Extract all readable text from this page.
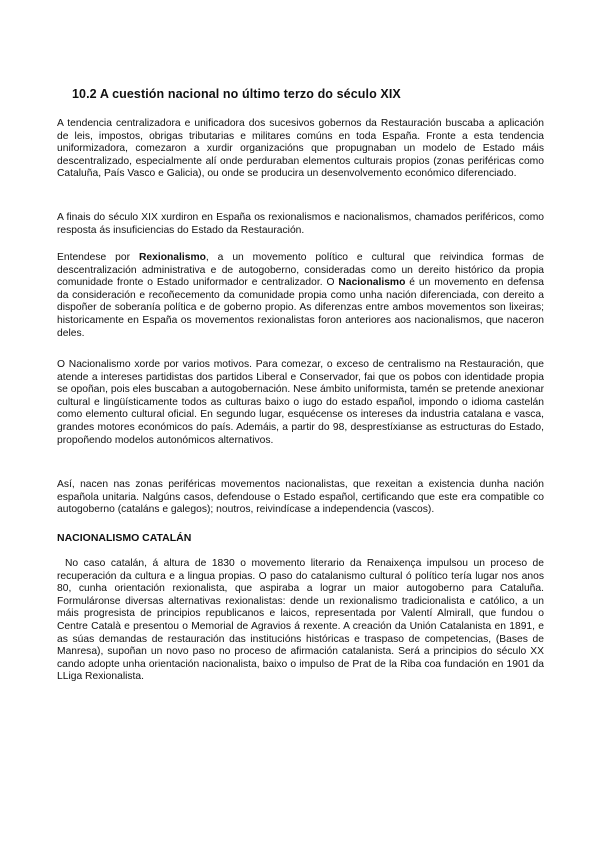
10.2 A cuestión nacional no último terzo do século XIX

A tendencia centralizadora e unificadora dos sucesivos gobernos da Restauración buscaba a aplicación de leis, impostos, obrigas tributarias e militares comúns en toda España. Fronte a esta tendencia uniformizadora, comezaron a xurdir organizacións que propugnaban un modelo de Estado máis descentralizado, especialmente alí onde perduraban elementos culturais propios (zonas periféricas como Cataluña, País Vasco e Galicia), ou onde se producira un desenvolvemento económico diferenciado.

A finais do século XIX xurdiron en España os rexionalismos e nacionalismos, chamados periféricos, como resposta ás insuficiencias do Estado da Restauración.

Entendese por Rexionalismo, a un movemento político e cultural que reivindica formas de descentralización administrativa e de autogoberno, consideradas como un dereito histórico da propia comunidade fronte o Estado uniformador e centralizador. O Nacionalismo é un movemento en defensa da consideración e recoñecemento da comunidade propia como unha nación diferenciada, con dereito a dispoñer de soberanía política e de goberno propio. As diferenzas entre ambos movementos son lixeiras; historicamente en España os movementos rexionalistas foron anteriores aos nacionalismos, que naceron deles.

O Nacionalismo xorde por varios motivos. Para comezar, o exceso de centralismo na Restauración, que atende a intereses partidistas dos partidos Liberal e Conservador, fai que os pobos con identidade propia se opoñan, pois eles buscaban a autogobernación. Nese ámbito uniformista, tamén se pretende anexionar cultural e lingüísticamente todos as culturas baixo o iugo do estado español, impondo o idioma castelán como elemento cultural oficial. En segundo lugar, esquécense os intereses da industria catalana e vasca, grandes motores económicos do país. Ademáis, a partir do 98, desprestíxianse as estructuras do Estado, propoñendo modelos autonómicos alternativos.

Así, nacen nas zonas periféricas movementos nacionalistas, que rexeitan a existencia dunha nación española unitaria. Nalgúns casos, defendouse o Estado español, certificando que este era compatible co autogoberno (cataláns e galegos); noutros, reivindícase a independencia (vascos).

NACIONALISMO CATALÁN

No caso catalán, á altura de 1830 o movemento literario da Renaixença impulsou un proceso de recuperación da cultura e a lingua propias. O paso do catalanismo cultural ó político tería lugar nos anos 80, cunha orientación rexionalista, que aspiraba a lograr un maior autogoberno para Cataluña. Formuláronse diversas alternativas rexionalistas: dende un rexionalismo tradicionalista e católico, a un máis progresista de principios republicanos e laicos, representada por Valentí Almirall, que fundou o Centre Català e presentou o Memorial de Agravios á rexente. A creación da Unión Catalanista en 1891, e as súas demandas de restauración das institucións históricas e traspaso de competencias, (Bases de Manresa), supoñan un novo paso no proceso de afirmación catalanista. Será a principios do século XX cando adopte unha orientación nacionalista, baixo o impulso de Prat de la Riba coa fundación en 1901 da LLiga Rexionalista.
